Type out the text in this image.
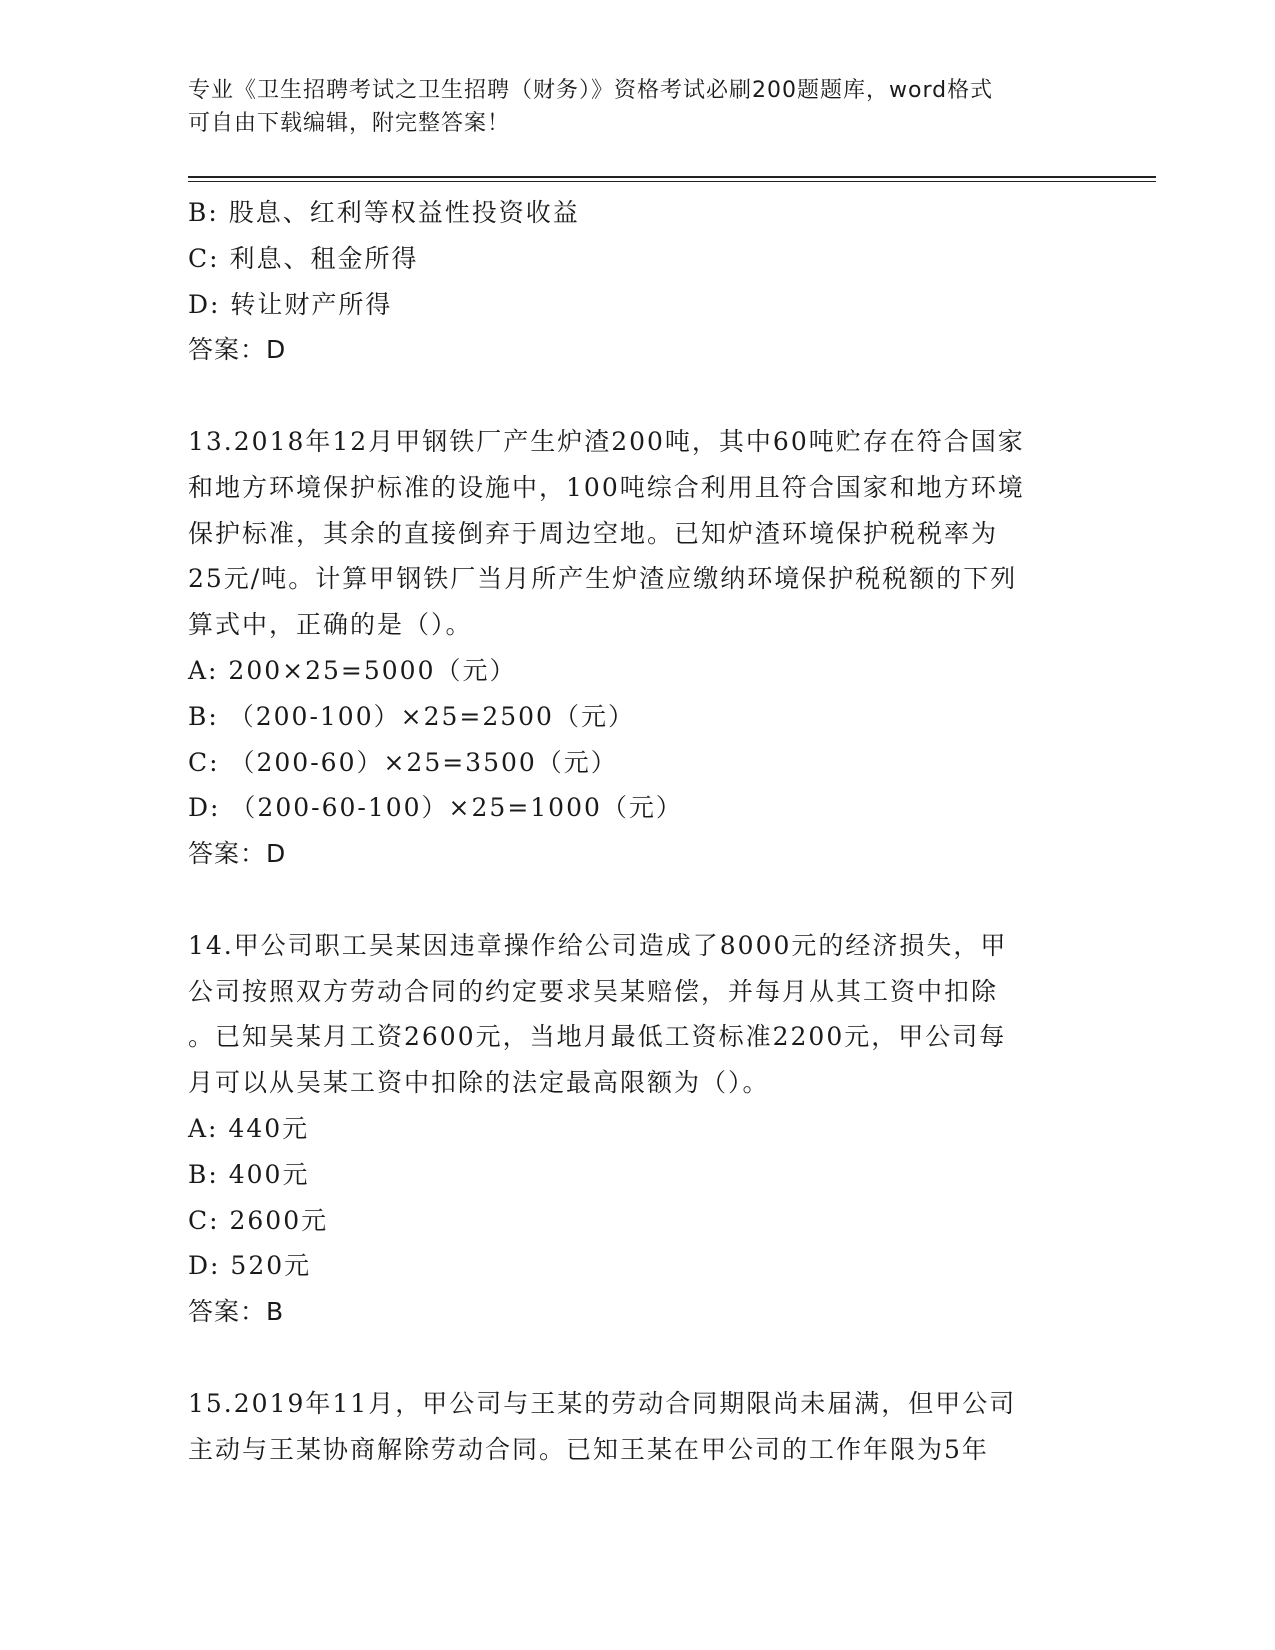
专业《卫生招聘考试之卫生招聘（财务）》资格考试必刷200题题库，word格式
可自由下载编辑，附完整答案！
B: 股息、红利等权益性投资收益
C: 利息、租金所得
D: 转让财产所得
答案：D
13.2018年12月甲钢铁厂产生炉渣200吨，其中60吨贮存在符合国家
和地方环境保护标准的设施中，100吨综合利用且符合国家和地方环境
保护标准，其余的直接倒弃于周边空地。已知炉渣环境保护税税率为
25元/吨。计算甲钢铁厂当月所产生炉渣应缴纳环境保护税税额的下列
算式中，正确的是（）。
A: 200×25=5000（元）
B: （200-100）×25=2500（元）
C: （200-60）×25=3500（元）
D: （200-60-100）×25=1000（元）
答案：D
14.甲公司职工吴某因违章操作给公司造成了8000元的经济损失，甲
公司按照双方劳动合同的约定要求吴某赔偿，并每月从其工资中扣除
。已知吴某月工资2600元，当地月最低工资标准2200元，甲公司每
月可以从吴某工资中扣除的法定最高限额为（）。
A: 440元
B: 400元
C: 2600元
D: 520元
答案：B
15.2019年11月，甲公司与王某的劳动合同期限尚未届满，但甲公司
主动与王某协商解除劳动合同。已知王某在甲公司的工作年限为5年
